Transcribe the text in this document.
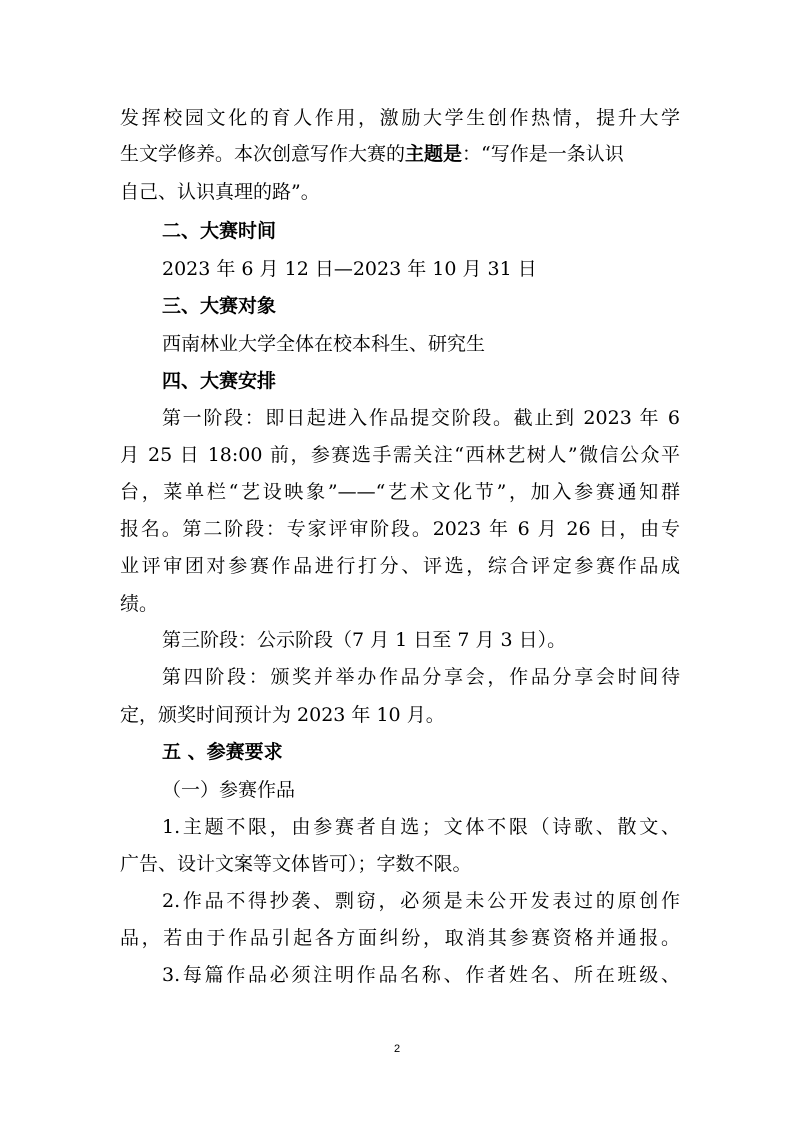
发挥校园文化的育人作用，激励大学生创作热情，提升大学
生文学修养。本次创意写作大赛的主题是：“写作是一条认识
自己、认识真理的路”。
二、大赛时间
2023 年 6 月 12 日—2023 年 10 月 31 日
三、大赛对象
西南林业大学全体在校本科生、研究生
四、大赛安排
第一阶段：即日起进入作品提交阶段。截止到 2023 年 6
月 25 日 18:00 前，参赛选手需关注“西林艺树人”微信公众平
台，菜单栏“艺设映象”——“艺术文化节”，加入参赛通知群
报名。第二阶段：专家评审阶段。2023 年 6 月 26 日，由专
业评审团对参赛作品进行打分、评选，综合评定参赛作品成
绩。
第三阶段：公示阶段（7 月 1 日至 7 月 3 日）。
第四阶段：颁奖并举办作品分享会，作品分享会时间待
定，颁奖时间预计为 2023 年 10 月。
五 、参赛要求
（一）参赛作品
1.主题不限，由参赛者自选；文体不限（诗歌、散文、
广告、设计文案等文体皆可）；字数不限。
2.作品不得抄袭、剽窃，必须是未公开发表过的原创作
品，若由于作品引起各方面纠纷，取消其参赛资格并通报。
3.每篇作品必须注明作品名称、作者姓名、所在班级、
2
